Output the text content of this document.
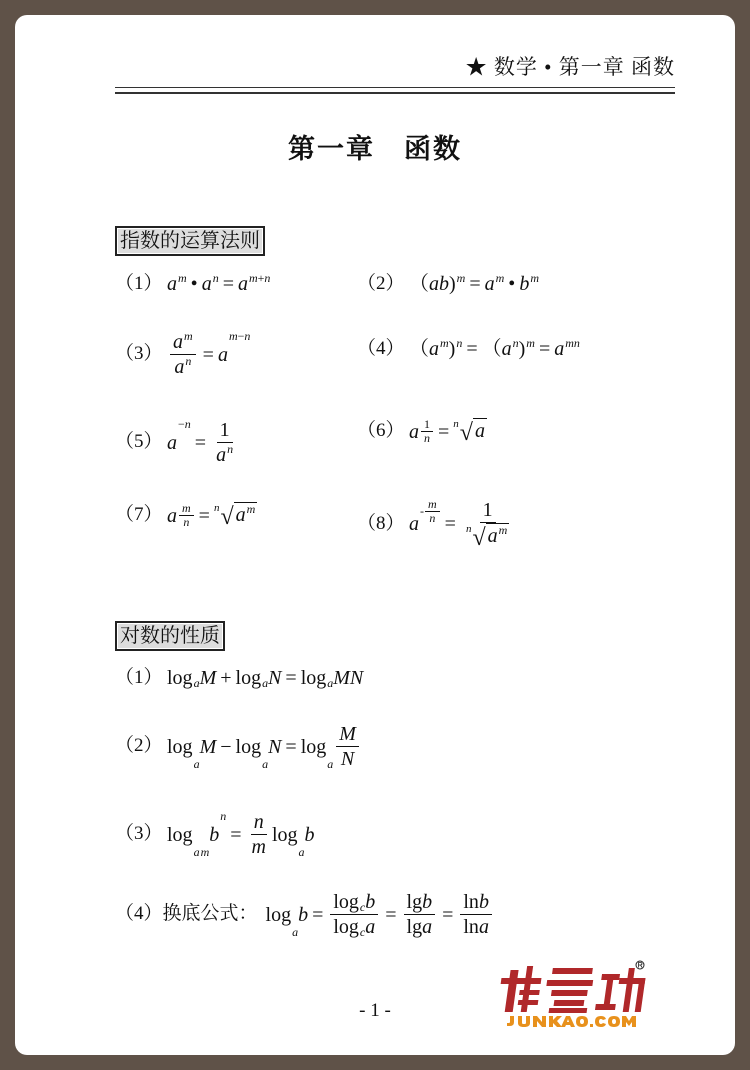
★ 数学 • 第一章 函数
第一章　函数
指数的运算法则
对数的性质
（1） a m • a n = a m + n	（2） （ ab ) m = a m • b m
$(3) \frac{\text{a m}}{\text{a n}} = a$
m − n
（4） （ a m ) n = （ a n ) m = a mn
（5） a
− n
= $\frac{1}{\text{a n}}$	（6） a $\frac{1}{n} = n$ √ a
（7） a $\frac{m}{n} = n$ √ a m
（8） a
- $\frac{m}{n} = \frac{1}{\text{n √ a m}}$
（1） log a M + log a N = log a MN
（2） log
a
M − log
a
N = log
a $\frac{M}{N}$
（3） log
a m
b
n
= $\frac{n}{m}$ log
a
b
（4）换底公式： log
a
$b = \frac{\text{log c b}}{\text{log c a}} = \frac{\text{lg b}}{\text{lg a}} = \frac{\text{ln b}}{\text{ln a}}$
- 1 -
